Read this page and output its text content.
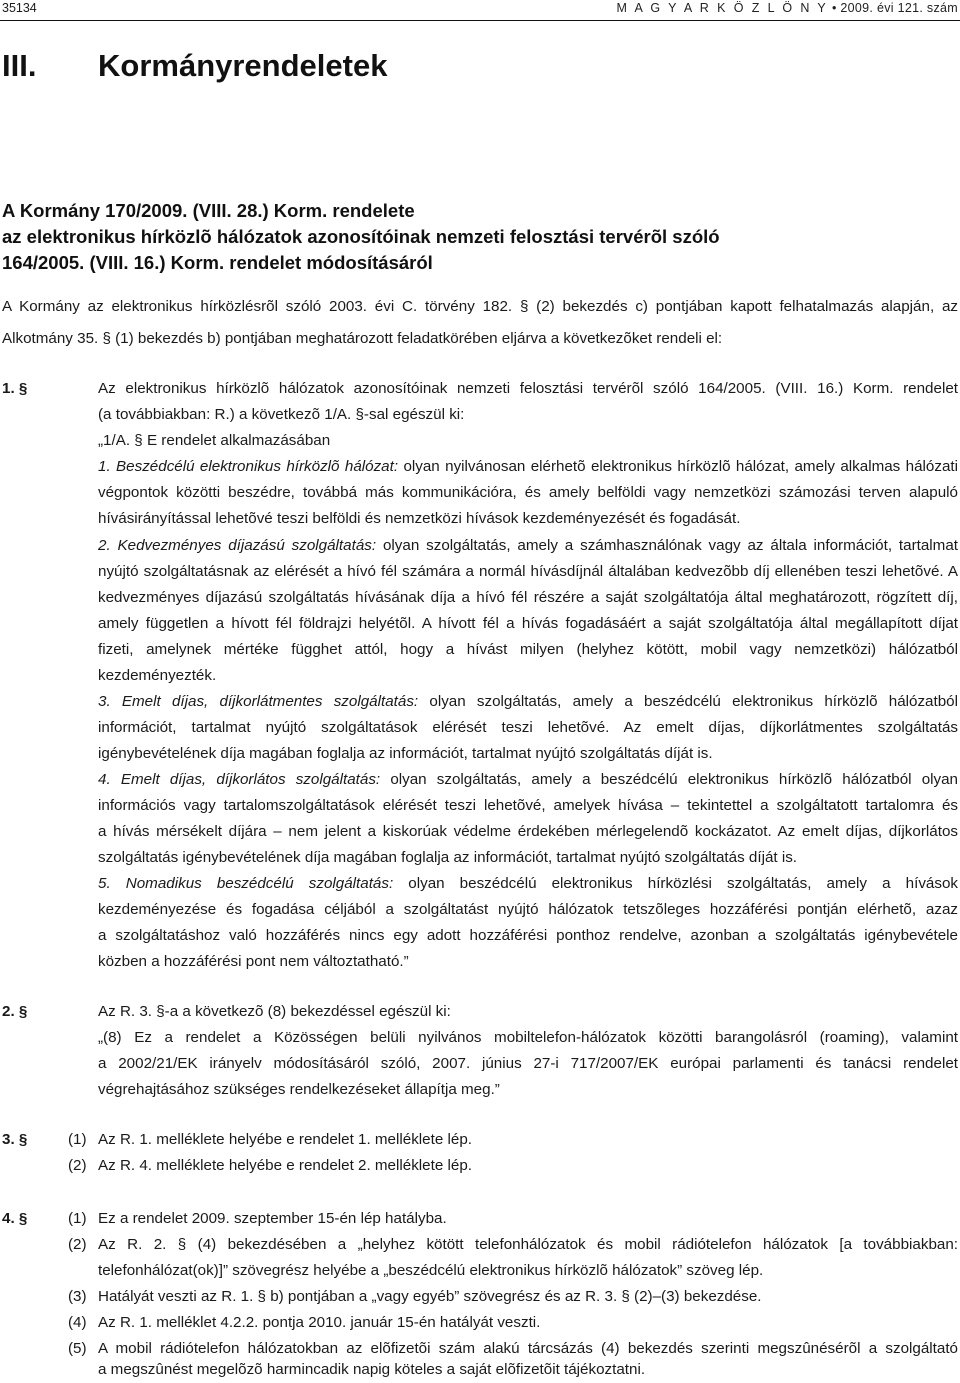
35134	M A G Y A R K Ö Z L Ö N Y • 2009. évi 121. szám
III. Kormányrendeletek
A Kormány 170/2009. (VIII. 28.) Korm. rendelete
az elektronikus hírközlõ hálózatok azonosítóinak nemzeti felosztási tervérõl szóló
164/2005. (VIII. 16.) Korm. rendelet módosításáról
A Kormány az elektronikus hírközlésrõl szóló 2003. évi C. törvény 182. § (2) bekezdés c) pontjában kapott felhatalmazás alapján, az
Alkotmány 35. § (1) bekezdés b) pontjában meghatározott feladatkörében eljárva a következõket rendeli el:
1. §	Az elektronikus hírközlõ hálózatok azonosítóinak nemzeti felosztási tervérõl szóló 164/2005. (VIII. 16.) Korm. rendelet
(a továbbiakban: R.) a következõ 1/A. §-sal egészül ki:
„1/A. § E rendelet alkalmazásában
1. Beszédcélú elektronikus hírközlõ hálózat: olyan nyilvánosan elérhetõ elektronikus hírközlõ hálózat, amely alkalmas hálózati
végpontok közötti beszédre, továbbá más kommunikációra, és amely belföldi vagy nemzetközi számozási terven alapuló
hívásirányítással lehetõvé teszi belföldi és nemzetközi hívások kezdeményezését és fogadását.
2. Kedvezményes díjazású szolgáltatás: olyan szolgáltatás, amely a számhasználónak vagy az általa információt, tartalmat
nyújtó szolgáltatásnak az elérését a hívó fél számára a normál hívásdíjnál általában kedvezõbb díj ellenében teszi lehetõvé. A
kedvezményes díjazású szolgáltatás hívásának díja a hívó fél részére a saját szolgáltatója által meghatározott, rögzített díj,
amely független a hívott fél földrajzi helyétõl. A hívott fél a hívás fogadásáért a saját szolgáltatója által megállapított díjat
fizeti, amelynek mértéke függhet attól, hogy a hívást milyen (helyhez kötött, mobil vagy nemzetközi) hálózatból
kezdeményezték.
3. Emelt díjas, díjkorlátmentes szolgáltatás: olyan szolgáltatás, amely a beszédcélú elektronikus hírközlõ hálózatból
információt, tartalmat nyújtó szolgáltatások elérését teszi lehetõvé. Az emelt díjas, díjkorlátmentes szolgáltatás
igénybevételének díja magában foglalja az információt, tartalmat nyújtó szolgáltatás díját is.
4. Emelt díjas, díjkorlátos szolgáltatás: olyan szolgáltatás, amely a beszédcélú elektronikus hírközlõ hálózatból olyan
információs vagy tartalomszolgáltatások elérését teszi lehetõvé, amelyek hívása – tekintettel a szolgáltatott tartalomra és
a hívás mérsékelt díjára – nem jelent a kiskorúak védelme érdekében mérlegelendõ kockázatot. Az emelt díjas, díjkorlátos
szolgáltatás igénybevételének díja magában foglalja az információt, tartalmat nyújtó szolgáltatás díját is.
5. Nomadikus beszédcélú szolgáltatás: olyan beszédcélú elektronikus hírközlési szolgáltatás, amely a hívások
kezdeményezése és fogadása céljából a szolgáltatást nyújtó hálózatok tetszõleges hozzáférési pontján elérhetõ, azaz
a szolgáltatáshoz való hozzáférés nincs egy adott hozzáférési ponthoz rendelve, azonban a szolgáltatás igénybevétele
közben a hozzáférési pont nem változtatható.”
2. §	Az R. 3. §-a a következõ (8) bekezdéssel egészül ki:
„(8) Ez a rendelet a Közösségen belüli nyilvános mobiltelefon-hálózatok közötti barangolásról (roaming), valamint
a 2002/21/EK irányelv módosításáról szóló, 2007. június 27-i 717/2007/EK európai parlamenti és tanácsi rendelet
végrehajtásához szükséges rendelkezéseket állapítja meg.”
3. §	(1) Az R. 1. melléklete helyébe e rendelet 1. melléklete lép.
(2) Az R. 4. melléklete helyébe e rendelet 2. melléklete lép.
4. §	(1) Ez a rendelet 2009. szeptember 15-én lép hatályba.
(2) Az R. 2. § (4) bekezdésében a „helyhez kötött telefonhálózatok és mobil rádiótelefon hálózatok [a továbbiakban:
telefonhálózat(ok)]” szövegrész helyébe a „beszédcélú elektronikus hírközlõ hálózatok” szöveg lép.
(3) Hatályát veszti az R. 1. § b) pontjában a „vagy egyéb” szövegrész és az R. 3. § (2)–(3) bekezdése.
(4) Az R. 1. melléklet 4.2.2. pontja 2010. január 15-én hatályát veszti.
(5) A mobil rádiótelefon hálózatokban az elõfizetõi szám alakú tárcsázás (4) bekezdés szerinti megszûnésérõl a szolgáltató
a megszûnést megelõzõ harmincadik napig köteles a saját elõfizetõit tájékoztatni.
